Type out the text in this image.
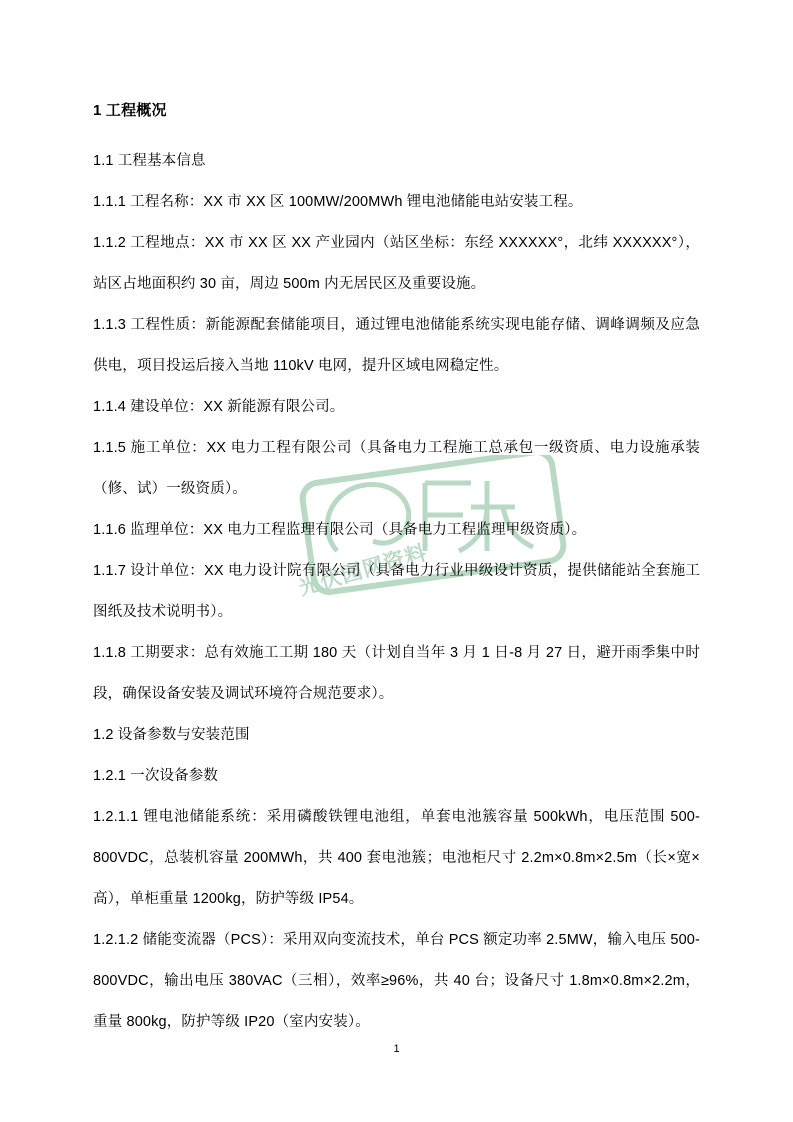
光伏园网资料
1 工程概况

1.1 工程基本信息

1.1.1 工程名称：XX 市 XX 区 100MW/200MWh 锂电池储能电站安装工程。

1.1.2 工程地点：XX 市 XX 区 XX 产业园内（站区坐标：东经 XXXXXX°，北纬 XXXXXX°），站区占地面积约 30 亩，周边 500m 内无居民区及重要设施。

1.1.3 工程性质：新能源配套储能项目，通过锂电池储能系统实现电能存储、调峰调频及应急供电，项目投运后接入当地 110kV 电网，提升区域电网稳定性。

1.1.4 建设单位：XX 新能源有限公司。

1.1.5 施工单位：XX 电力工程有限公司（具备电力工程施工总承包一级资质、电力设施承装（修、试）一级资质）。

1.1.6 监理单位：XX 电力工程监理有限公司（具备电力工程监理甲级资质）。

1.1.7 设计单位：XX 电力设计院有限公司（具备电力行业甲级设计资质，提供储能站全套施工图纸及技术说明书）。

1.1.8 工期要求：总有效施工工期 180 天（计划自当年 3 月 1 日-8 月 27 日，避开雨季集中时段，确保设备安装及调试环境符合规范要求）。

1.2 设备参数与安装范围

1.2.1 一次设备参数

1.2.1.1 锂电池储能系统：采用磷酸铁锂电池组，单套电池簇容量 500kWh，电压范围 500-800VDC，总装机容量 200MWh，共 400 套电池簇；电池柜尺寸 2.2m×0.8m×2.5m（长×宽×高），单柜重量 1200kg，防护等级 IP54。

1.2.1.2 储能变流器（PCS）：采用双向变流技术，单台 PCS 额定功率 2.5MW，输入电压 500-800VDC，输出电压 380VAC（三相），效率≥96%，共 40 台；设备尺寸 1.8m×0.8m×2.2m，重量 800kg，防护等级 IP20（室内安装）。

1
